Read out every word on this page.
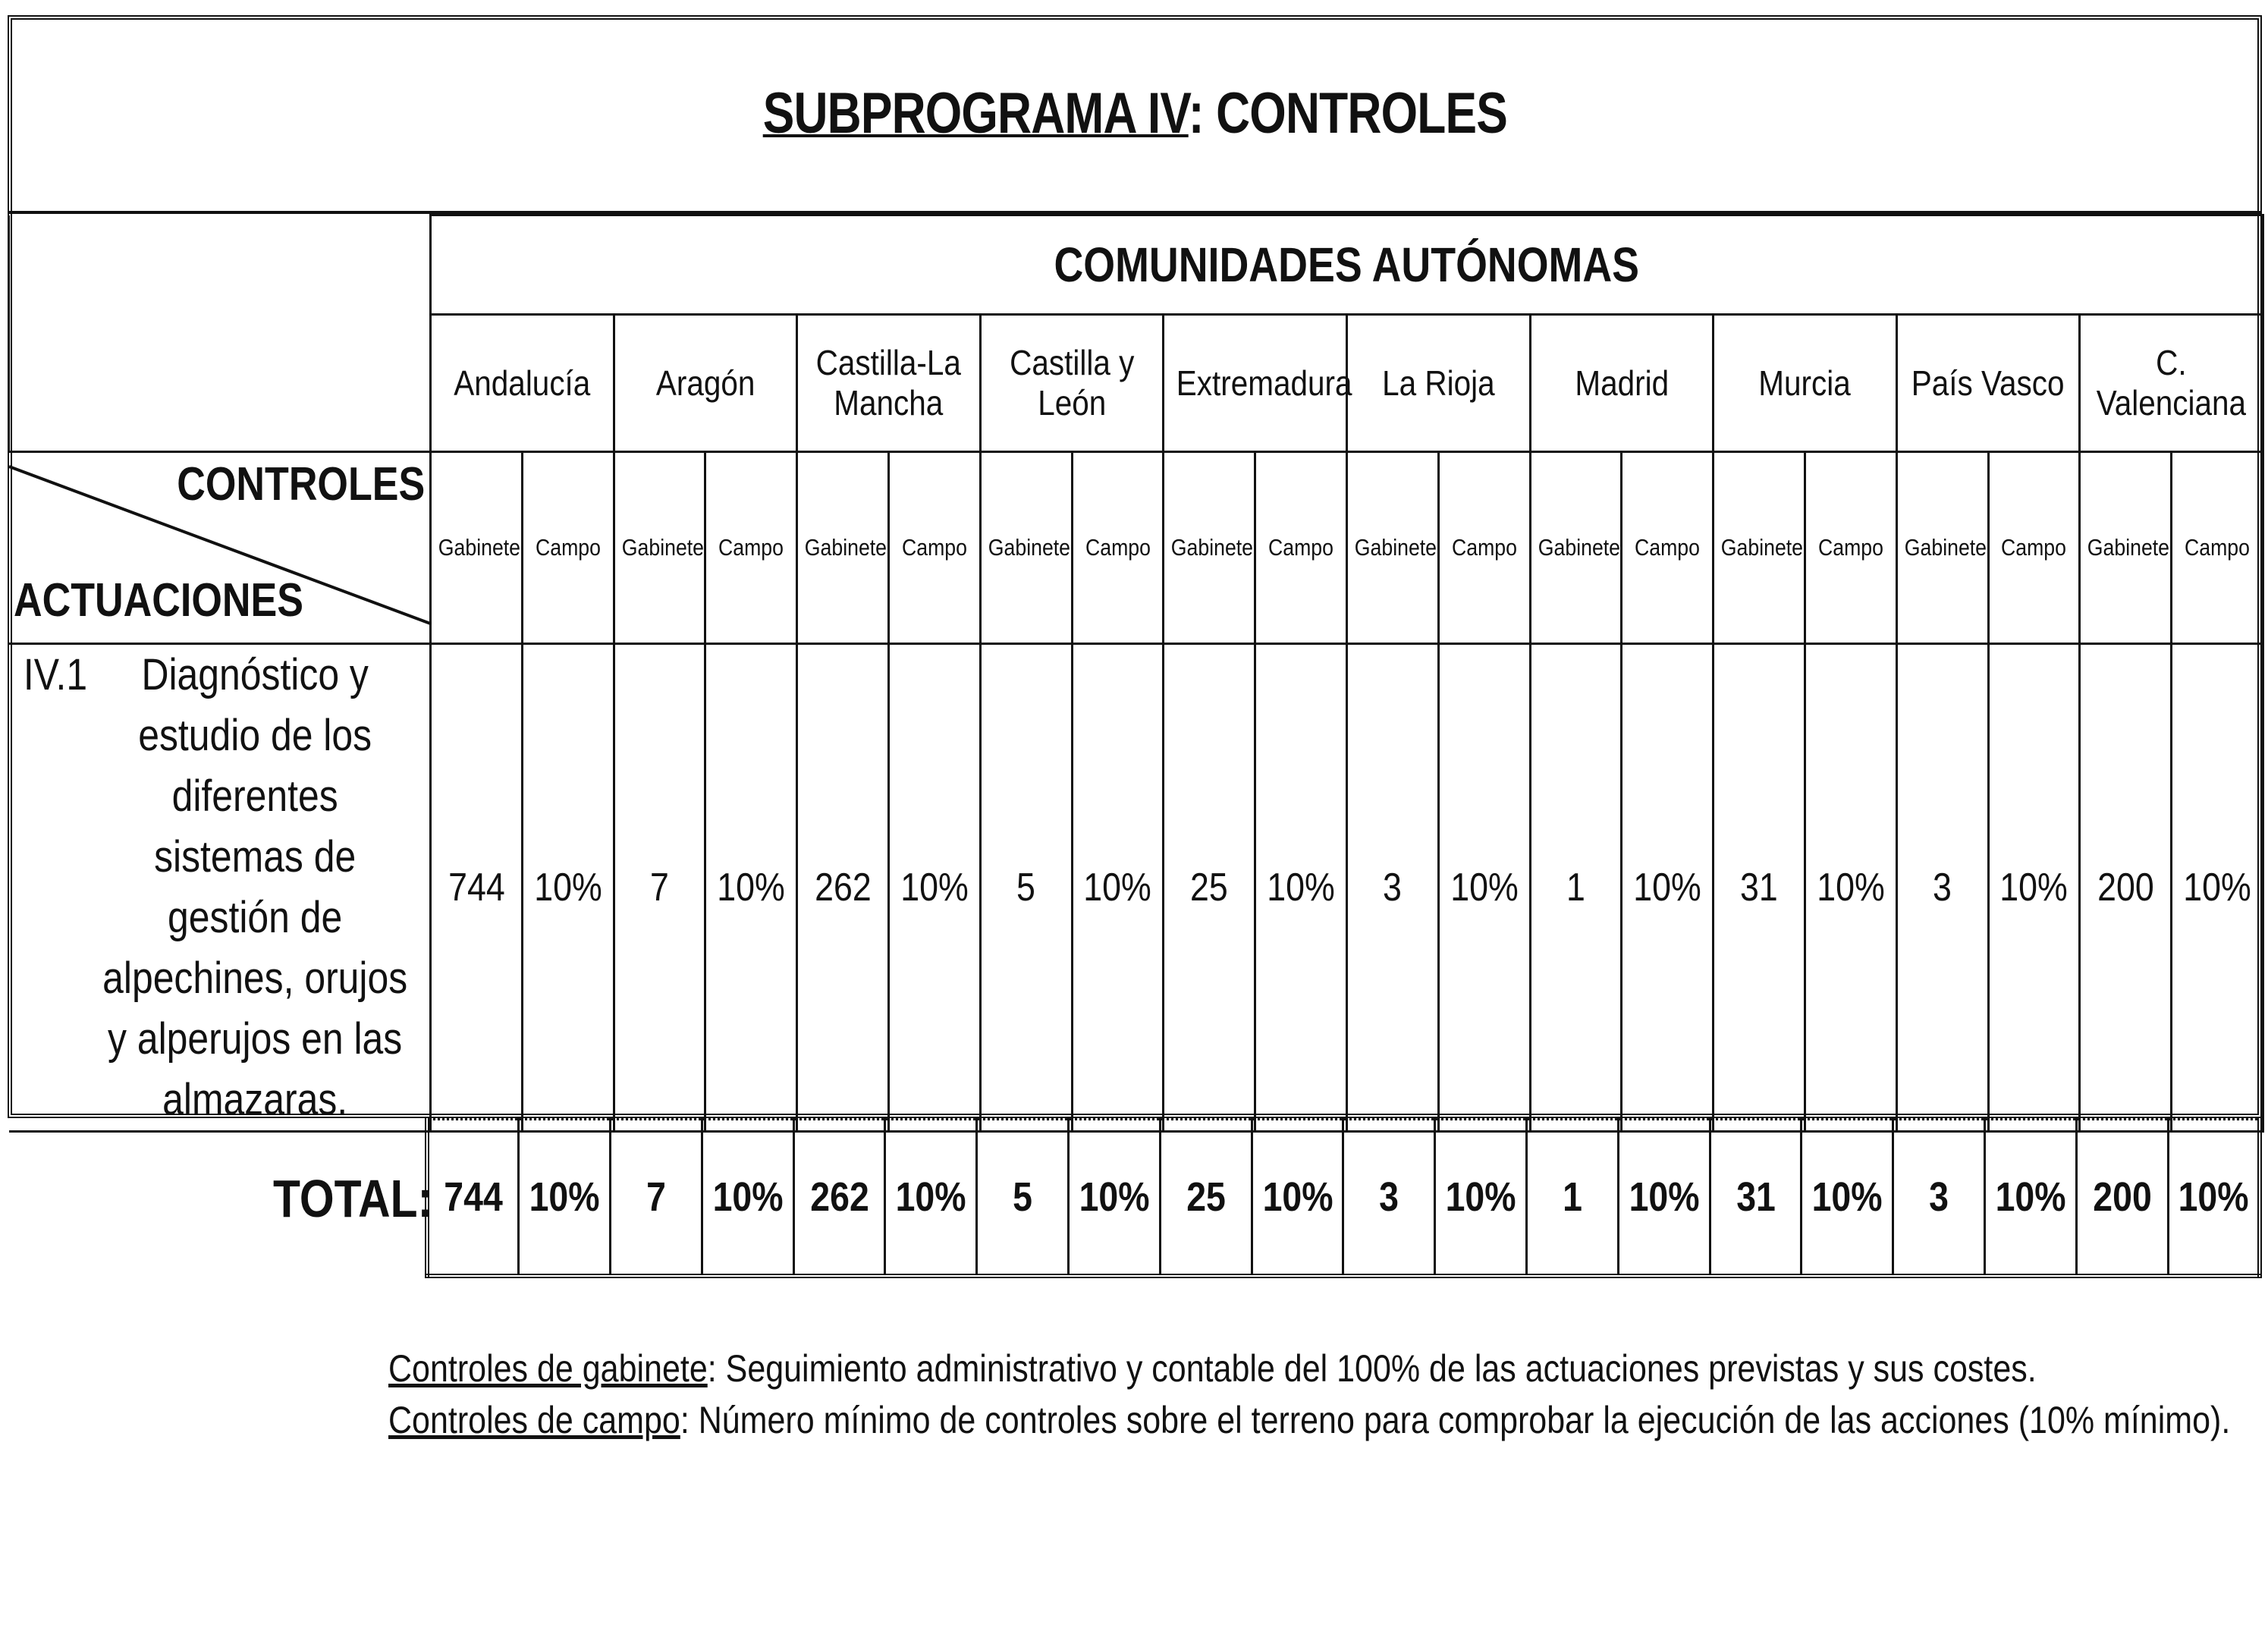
SUBPROGRAMA IV: CONTROLES
	COMUNIDADES AUTÓNOMAS																			
	Andalucía		Aragón		Castilla-La Mancha		Castilla y León		Extremadura		La Rioja		Madrid		Murcia		País Vasco		C. Valenciana	

CONTROLES
ACTUACIONES	Gabinete	Campo	Gabinete	Campo	Gabinete	Campo	Gabinete	Campo	Gabinete	Campo	Gabinete	Campo	Gabinete	Campo	Gabinete	Campo	Gabinete	Campo	Gabinete	Campo

IV.1 Diagnóstico y estudio de los diferentes sistemas de gestión de alpechines, orujos y alperujos en las almazaras.	744	10%	7	10%	262	10%	5	10%	25	10%	3	10%	1	10%	31	10%	3	10%	200	10%
TOTAL: 744	10%	7	10%	262	10%	5	10%	25	10%	3	10%	1	10%	31	10%	3	10%	200	10%
Controles de gabinete: Seguimiento administrativo y contable del 100% de las actuaciones previstas y sus costes.
Controles de campo: Número mínimo de controles sobre el terreno para comprobar la ejecución de las acciones (10% mínimo).
